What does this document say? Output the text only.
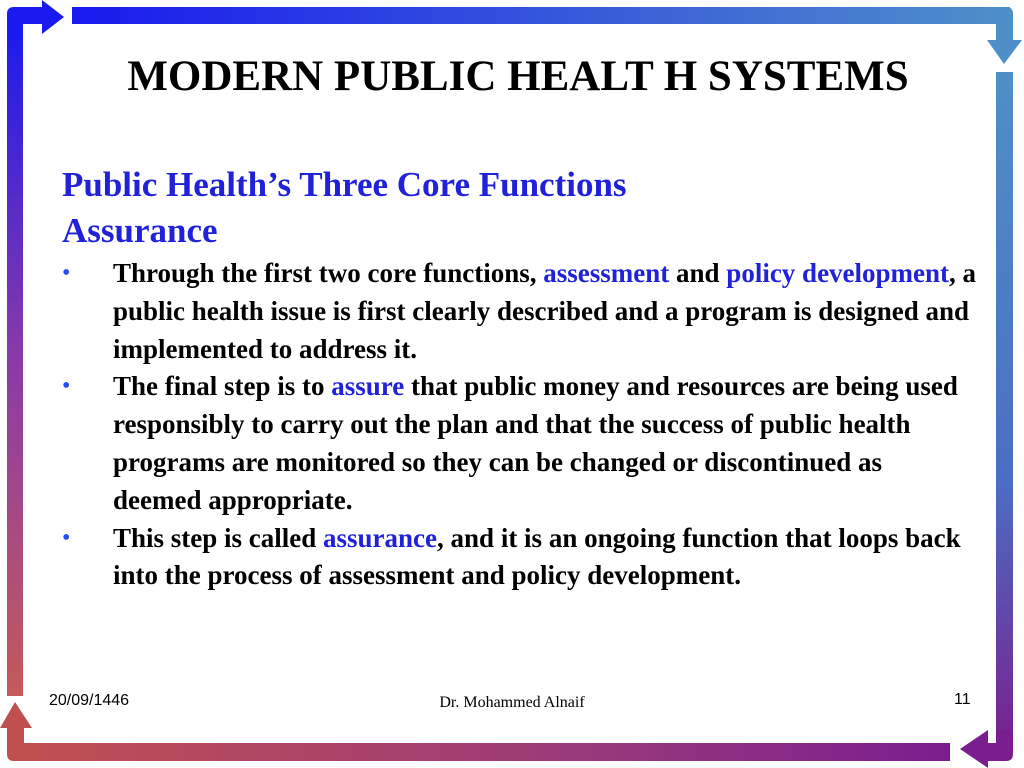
MODERN PUBLIC HEALT H SYSTEMS
Public Health’s Three Core Functions
Assurance
• Through the first two core functions, assessment and policy development, a public health issue is first clearly described and a program is designed and implemented to address it.
• The final step is to assure that public money and resources are being used responsibly to carry out the plan and that the success of public health programs are monitored so they can be changed or discontinued as deemed appropriate.
• This step is called assurance, and it is an ongoing function that loops back into the process of assessment and policy development.
20/09/1446	Dr. Mohammed Alnaif	11
